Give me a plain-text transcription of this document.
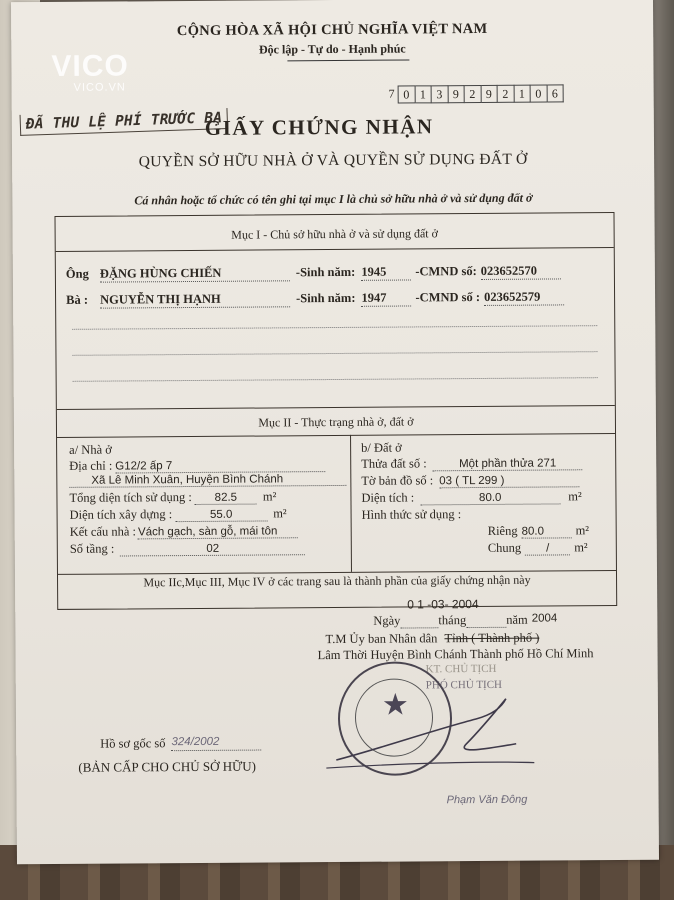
CỘNG HÒA XÃ HỘI CHỦ NGHĨA VIỆT NAM
Độc lập - Tự do - Hạnh phúc
7 0 1 3 9 2 9 2 1 0 6
ĐÃ THU LỆ PHÍ TRƯỚC BẠ
GIẤY CHỨNG NHẬN
QUYỀN SỞ HỮU NHÀ Ở VÀ QUYỀN SỬ DỤNG ĐẤT Ở
Cá nhân hoặc tổ chức có tên ghi tại mục I là chủ sở hữu nhà ở và sử dụng đất ở
Mục I - Chủ sở hữu nhà ở và sử dụng đất ở
Ông ĐẶNG HÙNG CHIẾN	-Sinh năm: 1945	-CMND số: 023652570
Bà : NGUYỄN THỊ HẠNH	-Sinh năm: 1947	-CMND số : 023652579
Mục II - Thực trạng nhà ở, đất ở
a/ Nhà ở
Địa chỉ : G12/2 ấp 7
Xã Lê Minh Xuân, Huyện Bình Chánh
Tổng diện tích sử dụng :	82.5	m²
Diện tích xây dựng :	55.0	m²
Kết cấu nhà : Vách gạch, sàn gỗ, mái tôn
Số tầng :	02
b/ Đất ở
Thửa đất số :	Một phần thửa 271
Tờ bản đồ số : 03 ( TL 299 )
Diện tích :	80.0	m²
Hình thức sử dụng :
Riêng 80.0	m²
Chung	/	m²
Mục IIc,Mục III, Mục IV ở các trang sau là thành phần của giấy chứng nhận này
0 1 -03- 2004
Ngày	tháng	năm 2004
T.M Ủy ban Nhân dân Tỉnh ( Thành phố )
Lâm Thời Huyện Bình Chánh Thành phố Hồ Chí Minh
KT. CHỦ TỊCH
PHÓ CHỦ TỊCH
★
Phạm Văn Đông
Hồ sơ gốc số 324/2002
(BẢN CẤP CHO CHỦ SỞ HỮU)
VICO
VICO.VN
